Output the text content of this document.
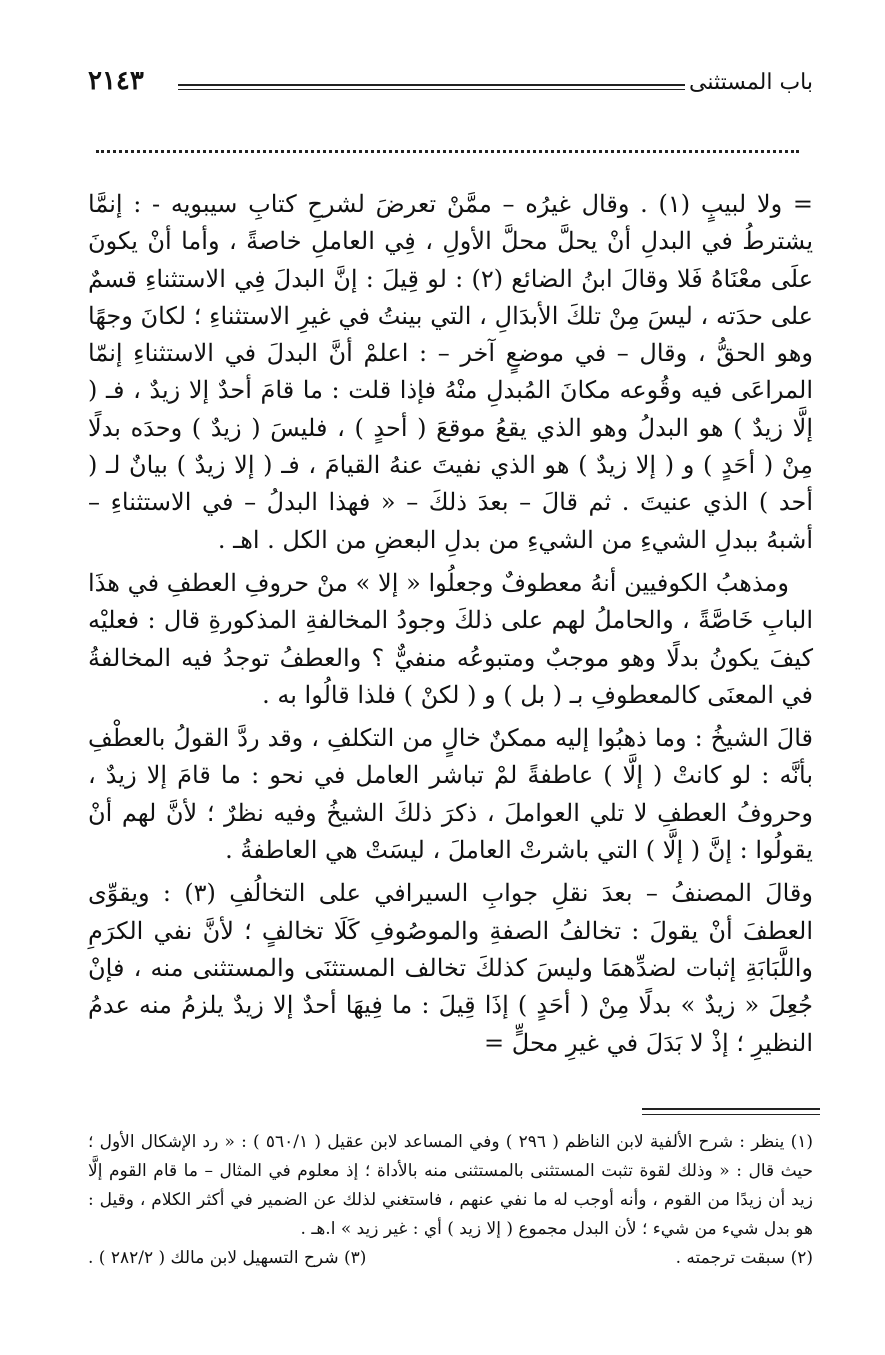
باب المستثنى
٢١٤٣

= ولا لبيبٍ (١) . وقال غيرُه – ممَّنْ تعرضَ لشرحِ كتابِ سيبويه - : إنمَّا يشترطُ في البدلِ أنْ يحلَّ محلَّ الأولِ ، فِي العاملِ خاصةً ، وأما أنْ يكونَ علَى معْنَاهُ فَلا وقالَ ابنُ الضائع (٢) : لو قِيلَ : إنَّ البدلَ فِي الاستثناءِ قسمٌ على حدَته ، ليسَ مِنْ تلكَ الأبدَالِ ، التي بينتُ في غيرِ الاستثناءِ ؛ لكانَ وجهًا وهو الحقُّ ، وقال – في موضعٍ آخر – : اعلمْ أنَّ البدلَ في الاستثناءِ إنمّا المراعَى فيه وقُوعه مكانَ المُبدلِ منْهُ فإذا قلت : ما قامَ أحدٌ إلا زيدٌ ، فـ ( إلَّا زيدٌ ) هو البدلُ وهو الذي يقعُ موقعَ ( أحدٍ ) ، فليسَ ( زيدٌ ) وحدَه بدلًا مِنْ ( أحَدٍ ) و ( إلا زيدٌ ) هو الذي نفيتَ عنهُ القيامَ ، فـ ( إلا زيدٌ ) بيانٌ لـ ( أحد ) الذي عنيتَ . ثم قالَ – بعدَ ذلكَ – « فهذا البدلُ – في الاستثناءِ – أشبهُ ببدلِ الشيءِ من الشيءِ من بدلِ البعضِ من الكل . اهـ .

ومذهبُ الكوفيين أنهُ معطوفٌ وجعلُوا « إلا » منْ حروفِ العطفِ في هذَا البابِ خَاصَّةً ، والحاملُ لهم على ذلكَ وجودُ المخالفةِ المذكورةِ قال : فعليْه كيفَ يكونُ بدلًا وهو موجبٌ ومتبوعُه منفيٌّ ؟ والعطفُ توجدُ فيه المخالفةُ في المعنَى كالمعطوفِ بـ ( بل ) و ( لكنْ ) فلذا قالُوا به .

قالَ الشيخُ : وما ذهبُوا إليه ممكنٌ خالٍ من التكلفِ ، وقد ردَّ القولُ بالعطْفِ بأنَّه : لو كانتْ ( إلَّا ) عاطفةً لمْ تباشر العامل في نحو : ما قامَ إلا زيدٌ ، وحروفُ العطفِ لا تلي العواملَ ، ذكرَ ذلكَ الشيخُ وفيه نظرٌ ؛ لأنَّ لهم أنْ يقولُوا : إنَّ ( إلَّا ) التي باشرتْ العاملَ ، ليسَتْ هي العاطفةُ .

وقالَ المصنفُ – بعدَ نقلِ جوابِ السيرافي على التخالُفِ (٣) : ويقوِّى العطفَ أنْ يقولَ : تخالفُ الصفةِ والموصُوفِ كَلَا تخالفٍ ؛ لأنَّ نفي الكرَمِ واللَّبَابَةِ إثبات لضدِّهمَا وليسَ كذلكَ تخالف المستثنَى والمستثنى منه ، فإنْ جُعِلَ « زيدٌ » بدلًا مِنْ ( أحَدٍ ) إذَا قِيلَ : ما فِيهَا أحدٌ إلا زيدٌ يلزمُ منه عدمُ النظيرِ ؛ إذْ لا بَدَلَ في غيرِ محلٍّ =

(١) ينظر : شرح الألفية لابن الناظم ( ٢٩٦ ) وفي المساعد لابن عقيل ( ٥٦٠/١ ) : « رد الإشكال الأول ؛ حيث قال : « وذلك لقوة تثبت المستثنى بالمستثنى منه بالأداة ؛ إذ معلوم في المثال – ما قام القوم إلَّا زيد أن زيدًا من القوم ، وأنه أوجب له ما نفي عنهم ، فاستغني لذلك عن الضمير في أكثر الكلام ، وقيل : هو بدل شيء من شيء ؛ لأن البدل مجموع ( إلا زيد ) أي : غير زيد » ا.هـ .

(٢) سبقت ترجمته .
(٣) شرح التسهيل لابن مالك ( ٢٨٢/٢ ) .
